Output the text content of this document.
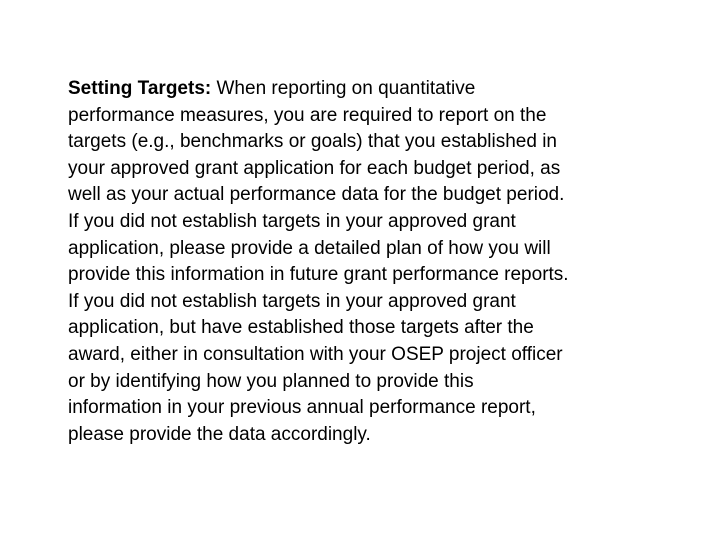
Setting Targets: When reporting on quantitative
performance measures, you are required to report on the
targets (e.g., benchmarks or goals) that you established in
your approved grant application for each budget period, as
well as your actual performance data for the budget period.
If you did not establish targets in your approved grant
application, please provide a detailed plan of how you will
provide this information in future grant performance reports.
If you did not establish targets in your approved grant
application, but have established those targets after the
award, either in consultation with your OSEP project officer
or by identifying how you planned to provide this
information in your previous annual performance report,
please provide the data accordingly.
